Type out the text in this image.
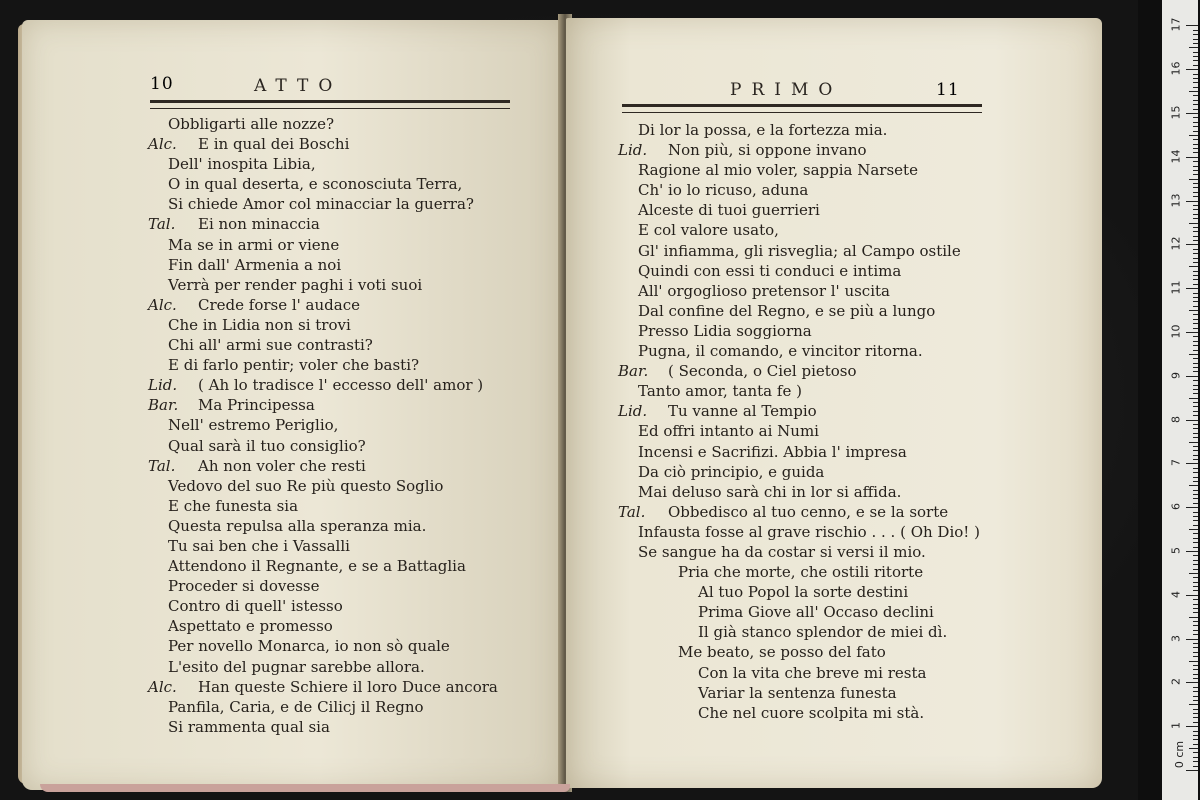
10	ATTO
Obbligarti alle nozze?
Alc. E in qual dei Boschi
Dell' inospita Libia,
O in qual deserta, e sconosciuta Terra,
Si chiede Amor col minacciar la guerra?
Tal. Ei non minaccia
Ma se in armi or viene
Fin dall' Armenia a noi
Verrà per render paghi i voti suoi
Alc. Crede forse l' audace
Che in Lidia non si trovi
Chi all' armi sue contrasti?
E di farlo pentir; voler che basti?
Lid. ( Ah lo tradisce l' eccesso dell' amor )
Bar. Ma Principessa
Nell' estremo Periglio,
Qual sarà il tuo consiglio?
Tal. Ah non voler che resti
Vedovo del suo Re più questo Soglio
E che funesta sia
Questa repulsa alla speranza mia.
Tu sai ben che i Vassalli
Attendono il Regnante, e se a Battaglia
Proceder si dovesse
Contro di quell' istesso
Aspettato e promesso
Per novello Monarca, io non sò quale
L'esito del pugnar sarebbe allora.
Alc. Han queste Schiere il loro Duce ancora
Panfila, Caria, e de Cilicj il Regno
Si rammenta qual sia
11
PRIMO
Di lor la possa, e la fortezza mia.
Lid. Non più, si oppone invano
Ragione al mio voler, sappia Narsete
Ch' io lo ricuso, aduna
Alceste di tuoi guerrieri
E col valore usato,
Gl' infiamma, gli risveglia; al Campo ostile
Quindi con essi ti conduci e intima
All' orgoglioso pretensor l' uscita
Dal confine del Regno, e se più a lungo
Presso Lidia soggiorna
Pugna, il comando, e vincitor ritorna.
Bar. ( Seconda, o Ciel pietoso
Tanto amor, tanta fe )
Lid. Tu vanne al Tempio
Ed offri intanto ai Numi
Incensi e Sacrifizi. Abbia l' impresa
Da ciò principio, e guida
Mai deluso sarà chi in lor si affida.
Tal. Obbedisco al tuo cenno, e se la sorte
Infausta fosse al grave rischio . . . ( Oh Dio! )
Se sangue ha da costar si versi il mio.
Pria che morte, che ostili ritorte
Al tuo Popol la sorte destini
Prima Giove all' Occaso declini
Il già stanco splendor de miei dì.
Me beato, se posso del fato
Con la vita che breve mi resta
Variar la sentenza funesta
Che nel cuore scolpita mi stà.
1
2
3
4
5
6
7
8
9
10
11
12
13
14
15
16
17
0 cm
